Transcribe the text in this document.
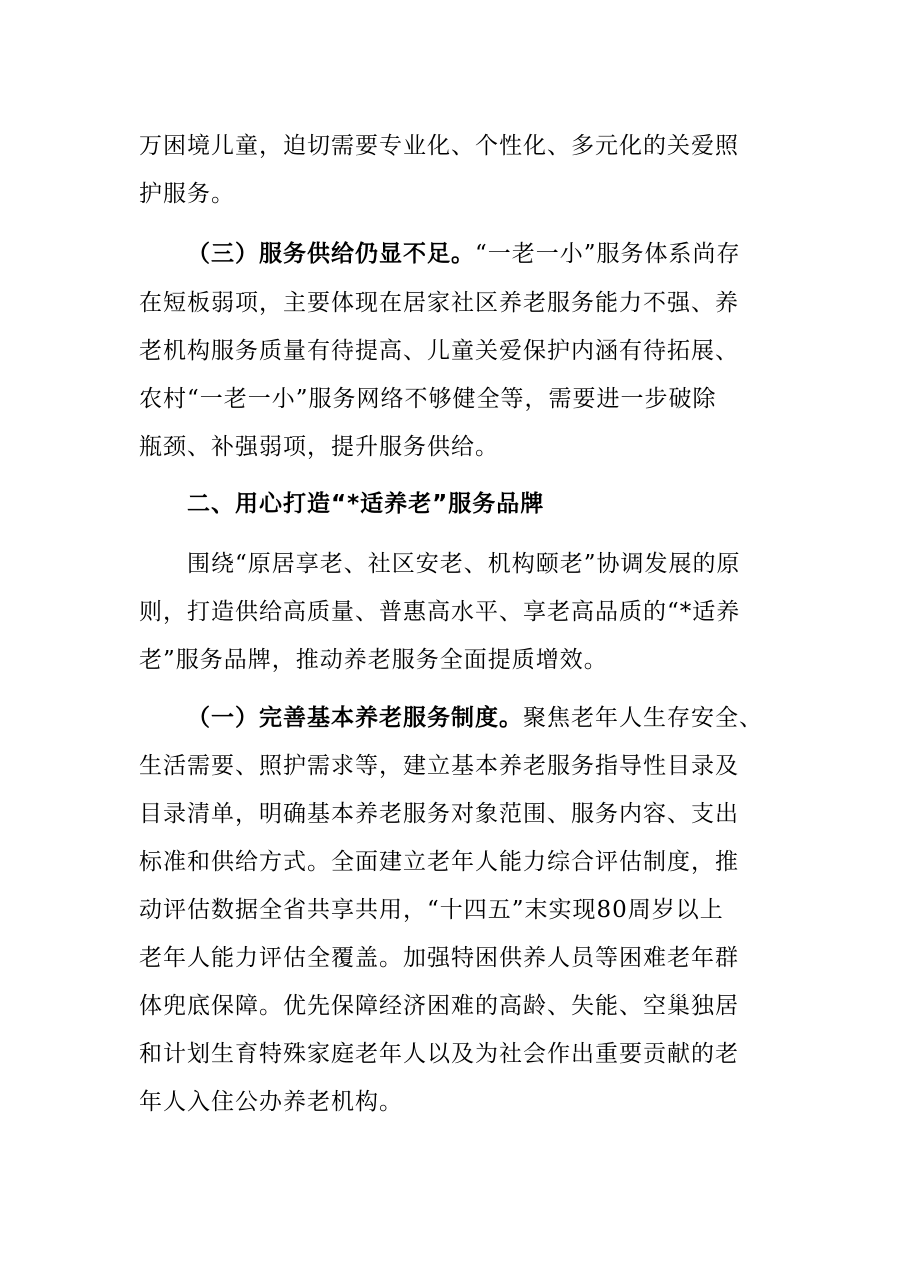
万困境儿童，迫切需要专业化、个性化、多元化的关爱照
护服务。
（三）服务供给仍显不足。“一老一小”服务体系尚存
在短板弱项，主要体现在居家社区养老服务能力不强、养
老机构服务质量有待提高、儿童关爱保护内涵有待拓展、
农村“一老一小”服务网络不够健全等，需要进一步破除
瓶颈、补强弱项，提升服务供给。
二、用心打造“*适养老”服务品牌
围绕“原居享老、社区安老、机构颐老”协调发展的原
则，打造供给高质量、普惠高水平、享老高品质的“*适养
老”服务品牌，推动养老服务全面提质增效。
（一）完善基本养老服务制度。聚焦老年人生存安全、
生活需要、照护需求等，建立基本养老服务指导性目录及
目录清单，明确基本养老服务对象范围、服务内容、支出
标准和供给方式。全面建立老年人能力综合评估制度，推
动评估数据全省共享共用，“十四五”末实现80周岁以上
老年人能力评估全覆盖。加强特困供养人员等困难老年群
体兜底保障。优先保障经济困难的高龄、失能、空巢独居
和计划生育特殊家庭老年人以及为社会作出重要贡献的老
年人入住公办养老机构。
